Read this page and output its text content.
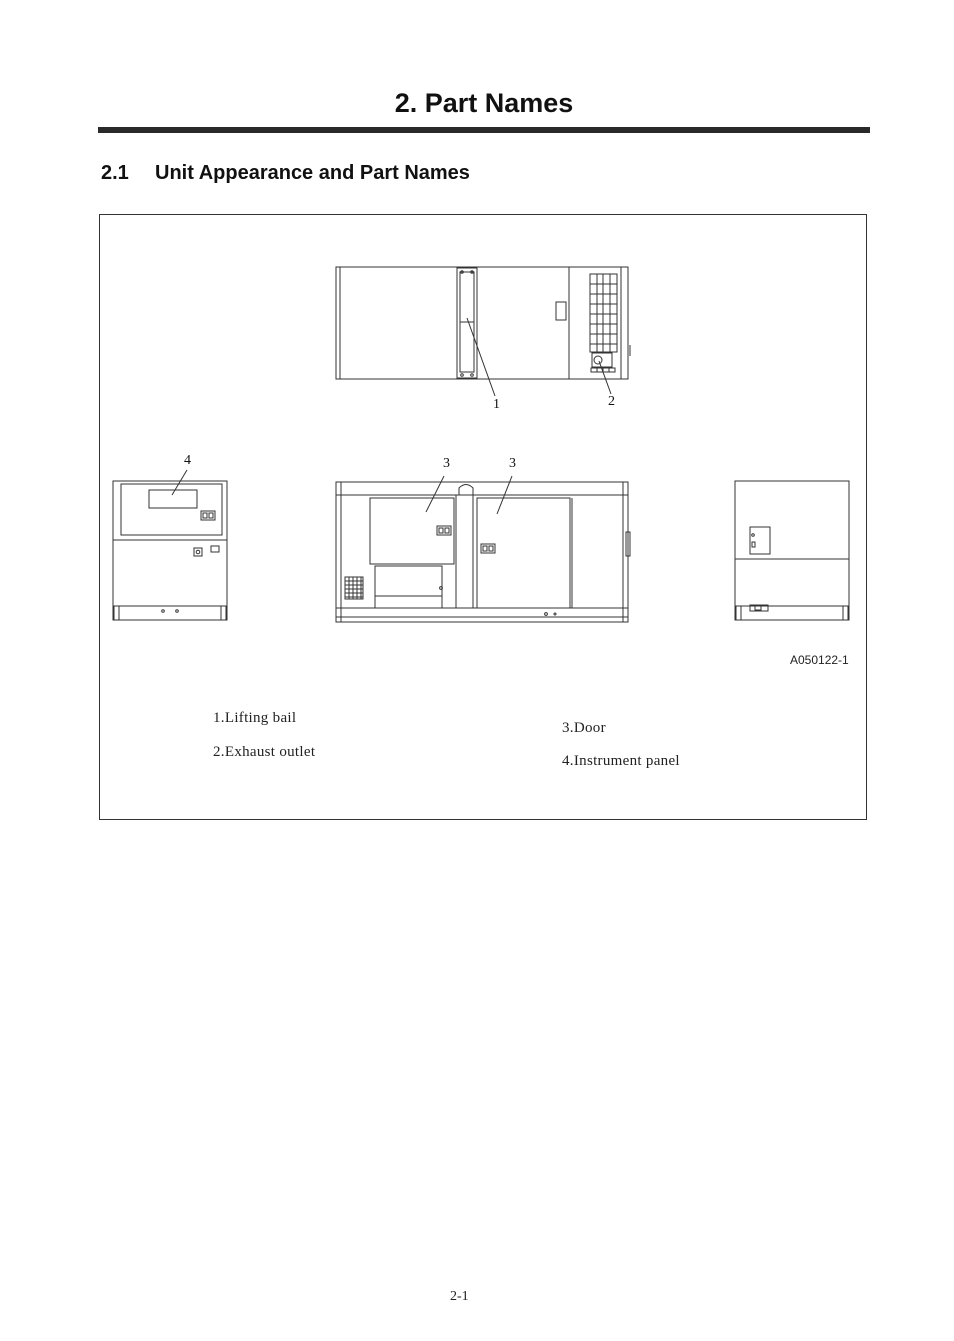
2. Part Names
2.1 Unit Appearance and Part Names
1	2
4	3	3
A050122-1
1.Lifting bail
2.Exhaust outlet
3.Door
4.Instrument panel
2-1
